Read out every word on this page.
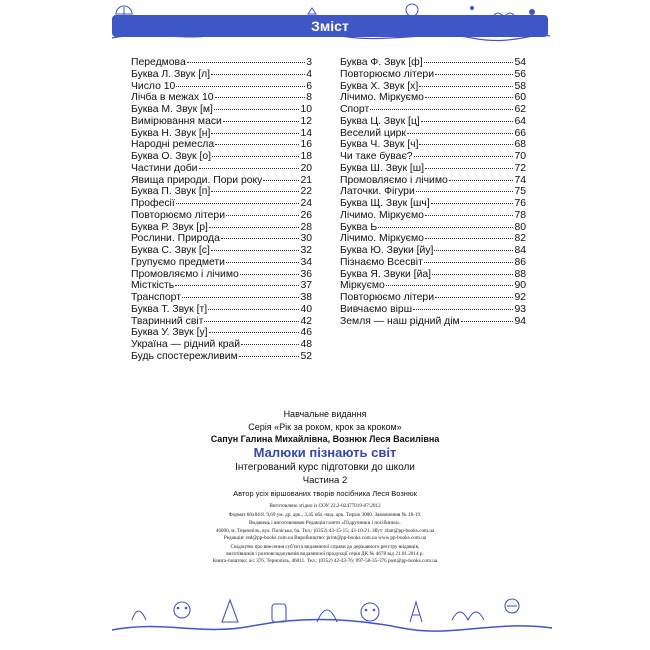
Зміст
Передмова	3
Буква Л. Звук [л]	4
Число 10	6
Лічба в межах 10	8
Буква М. Звук [м]	10
Вимірювання маси	12
Буква Н. Звук [н]	14
Народні ремесла	16
Буква О. Звук [о]	18
Частини доби	20
Явища природи. Пори року	21
Буква П. Звук [п]	22
Професії	24
Повторюємо літери	26
Буква Р. Звук [р]	28
Рослини. Природа	30
Буква С. Звук [с]	32
Групуємо предмети	34
Промовляємо і лічимо	36
Місткість	37
Транспорт	38
Буква Т. Звук [т]	40
Тваринний світ	42
Буква У. Звук [у]	46
Україна — рідний край	48
Будь спостережливим	52
Буква Ф. Звук [ф]	54
Повторюємо літери	56
Буква Х. Звук [х]	58
Лічимо. Міркуємо	60
Спорт	62
Буква Ц. Звук [ц]	64
Веселий цирк	66
Буква Ч. Звук [ч]	68
Чи таке буває?	70
Буква Ш. Звук [ш]	72
Промовляємо і лічимо	74
Латочки. Фігури	75
Буква Щ. Звук [шч]	76
Лічимо. Міркуємо	78
Буква Ь	80
Лічимо. Міркуємо	82
Буква Ю. Звуки [йу]	84
Пізнаємо Всесвіт	86
Буква Я. Звуки [йа]	88
Міркуємо	90
Повторюємо літери	92
Вивчаємо вірш	93
Земля — наш рідний дім	94
Навчальне видання
Серія «Рік за роком, крок за кроком»
Сапун Галина Михайлівна, Вознюк Леся Василівна
Малюки пізнають світ
Інтегрований курс підготовки до школи
Частина 2
Автор усіх віршованих творів посібника Леся Вознюк
Виготовлено згідно із СОУ 22.2-02477019-07:2012
Формат 60х84/8. 9,69 ум. др. арк., 3,45 обл.-вид. арк. Тираж 3000. Замовлення № 18-19.
Видавець і виготовлювач Редакція газети «Підручники і посібники».
46000, м. Тернопіль, вул. Поліська, 6а. Тел.: (0352) 43-15-15; 43-10-21. Збут: zbut@pp-books.com.ua
Редакція: red@pp-books.com.ua Виробництво: print@pp-books.com.ua www.pp-books.com.ua
Свідоцтво про внесення суб'єкта видавничої справи до державного реєстру видавців,
виготівників і розповсюджувачів видавничої продукції серія ДК № 4678 від 21.01.2014 р.
Книга-поштою: а/с 376, Тернопіль, 46011. Тел.: (0352) 42-43-76; 097-50-35-376 post@pp-books.com.ua
